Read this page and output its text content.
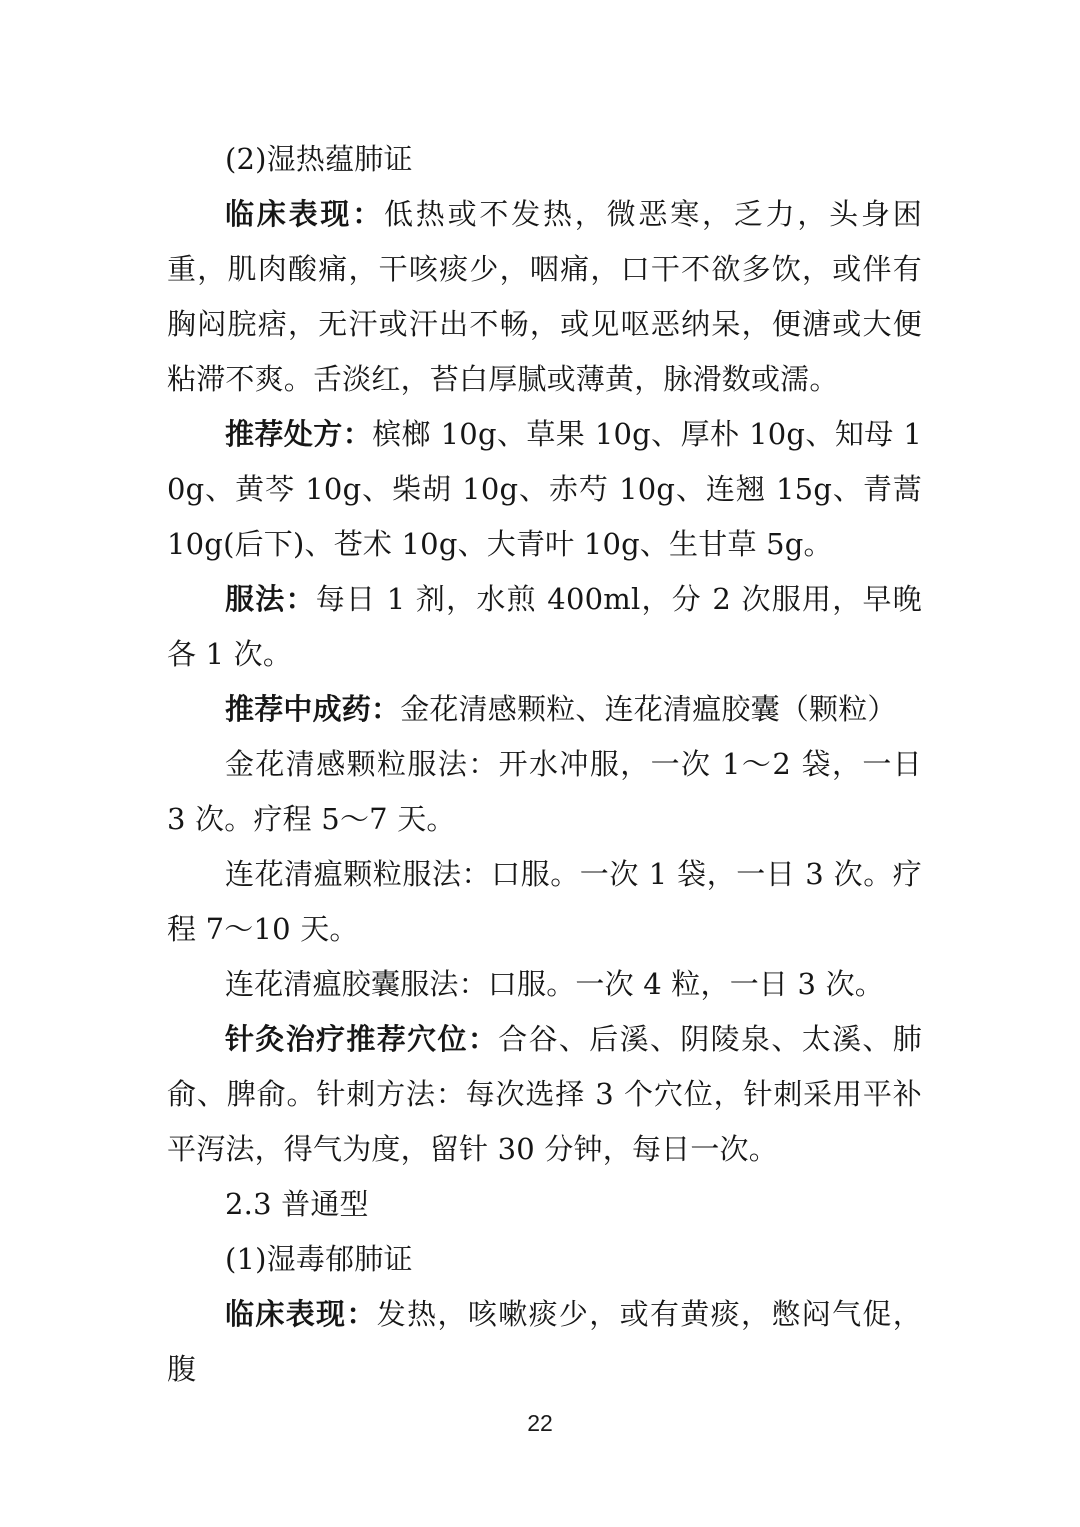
(2)湿热蕴肺证

临床表现：低热或不发热，微恶寒，乏力，头身困重，肌肉酸痛，干咳痰少，咽痛，口干不欲多饮，或伴有胸闷脘痞，无汗或汗出不畅，或见呕恶纳呆，便溏或大便粘滞不爽。舌淡红，苔白厚腻或薄黄，脉滑数或濡。

推荐处方：槟榔 10g、草果 10g、厚朴 10g、知母 10g、黄芩 10g、柴胡 10g、赤芍 10g、连翘 15g、青蒿 10g(后下)、苍术 10g、大青叶 10g、生甘草 5g。

服法：每日 1 剂，水煎 400ml，分 2 次服用，早晚各 1 次。

推荐中成药：金花清感颗粒、连花清瘟胶囊（颗粒）

金花清感颗粒服法：开水冲服，一次 1～2 袋，一日 3 次。疗程 5～7 天。

连花清瘟颗粒服法：口服。一次 1 袋，一日 3 次。疗程 7～10 天。

连花清瘟胶囊服法：口服。一次 4 粒，一日 3 次。

针灸治疗推荐穴位：合谷、后溪、阴陵泉、太溪、肺俞、脾俞。针刺方法：每次选择 3 个穴位，针刺采用平补平泻法，得气为度，留针 30 分钟，每日一次。

2.3 普通型

(1)湿毒郁肺证

临床表现：发热，咳嗽痰少，或有黄痰，憋闷气促，腹

22
